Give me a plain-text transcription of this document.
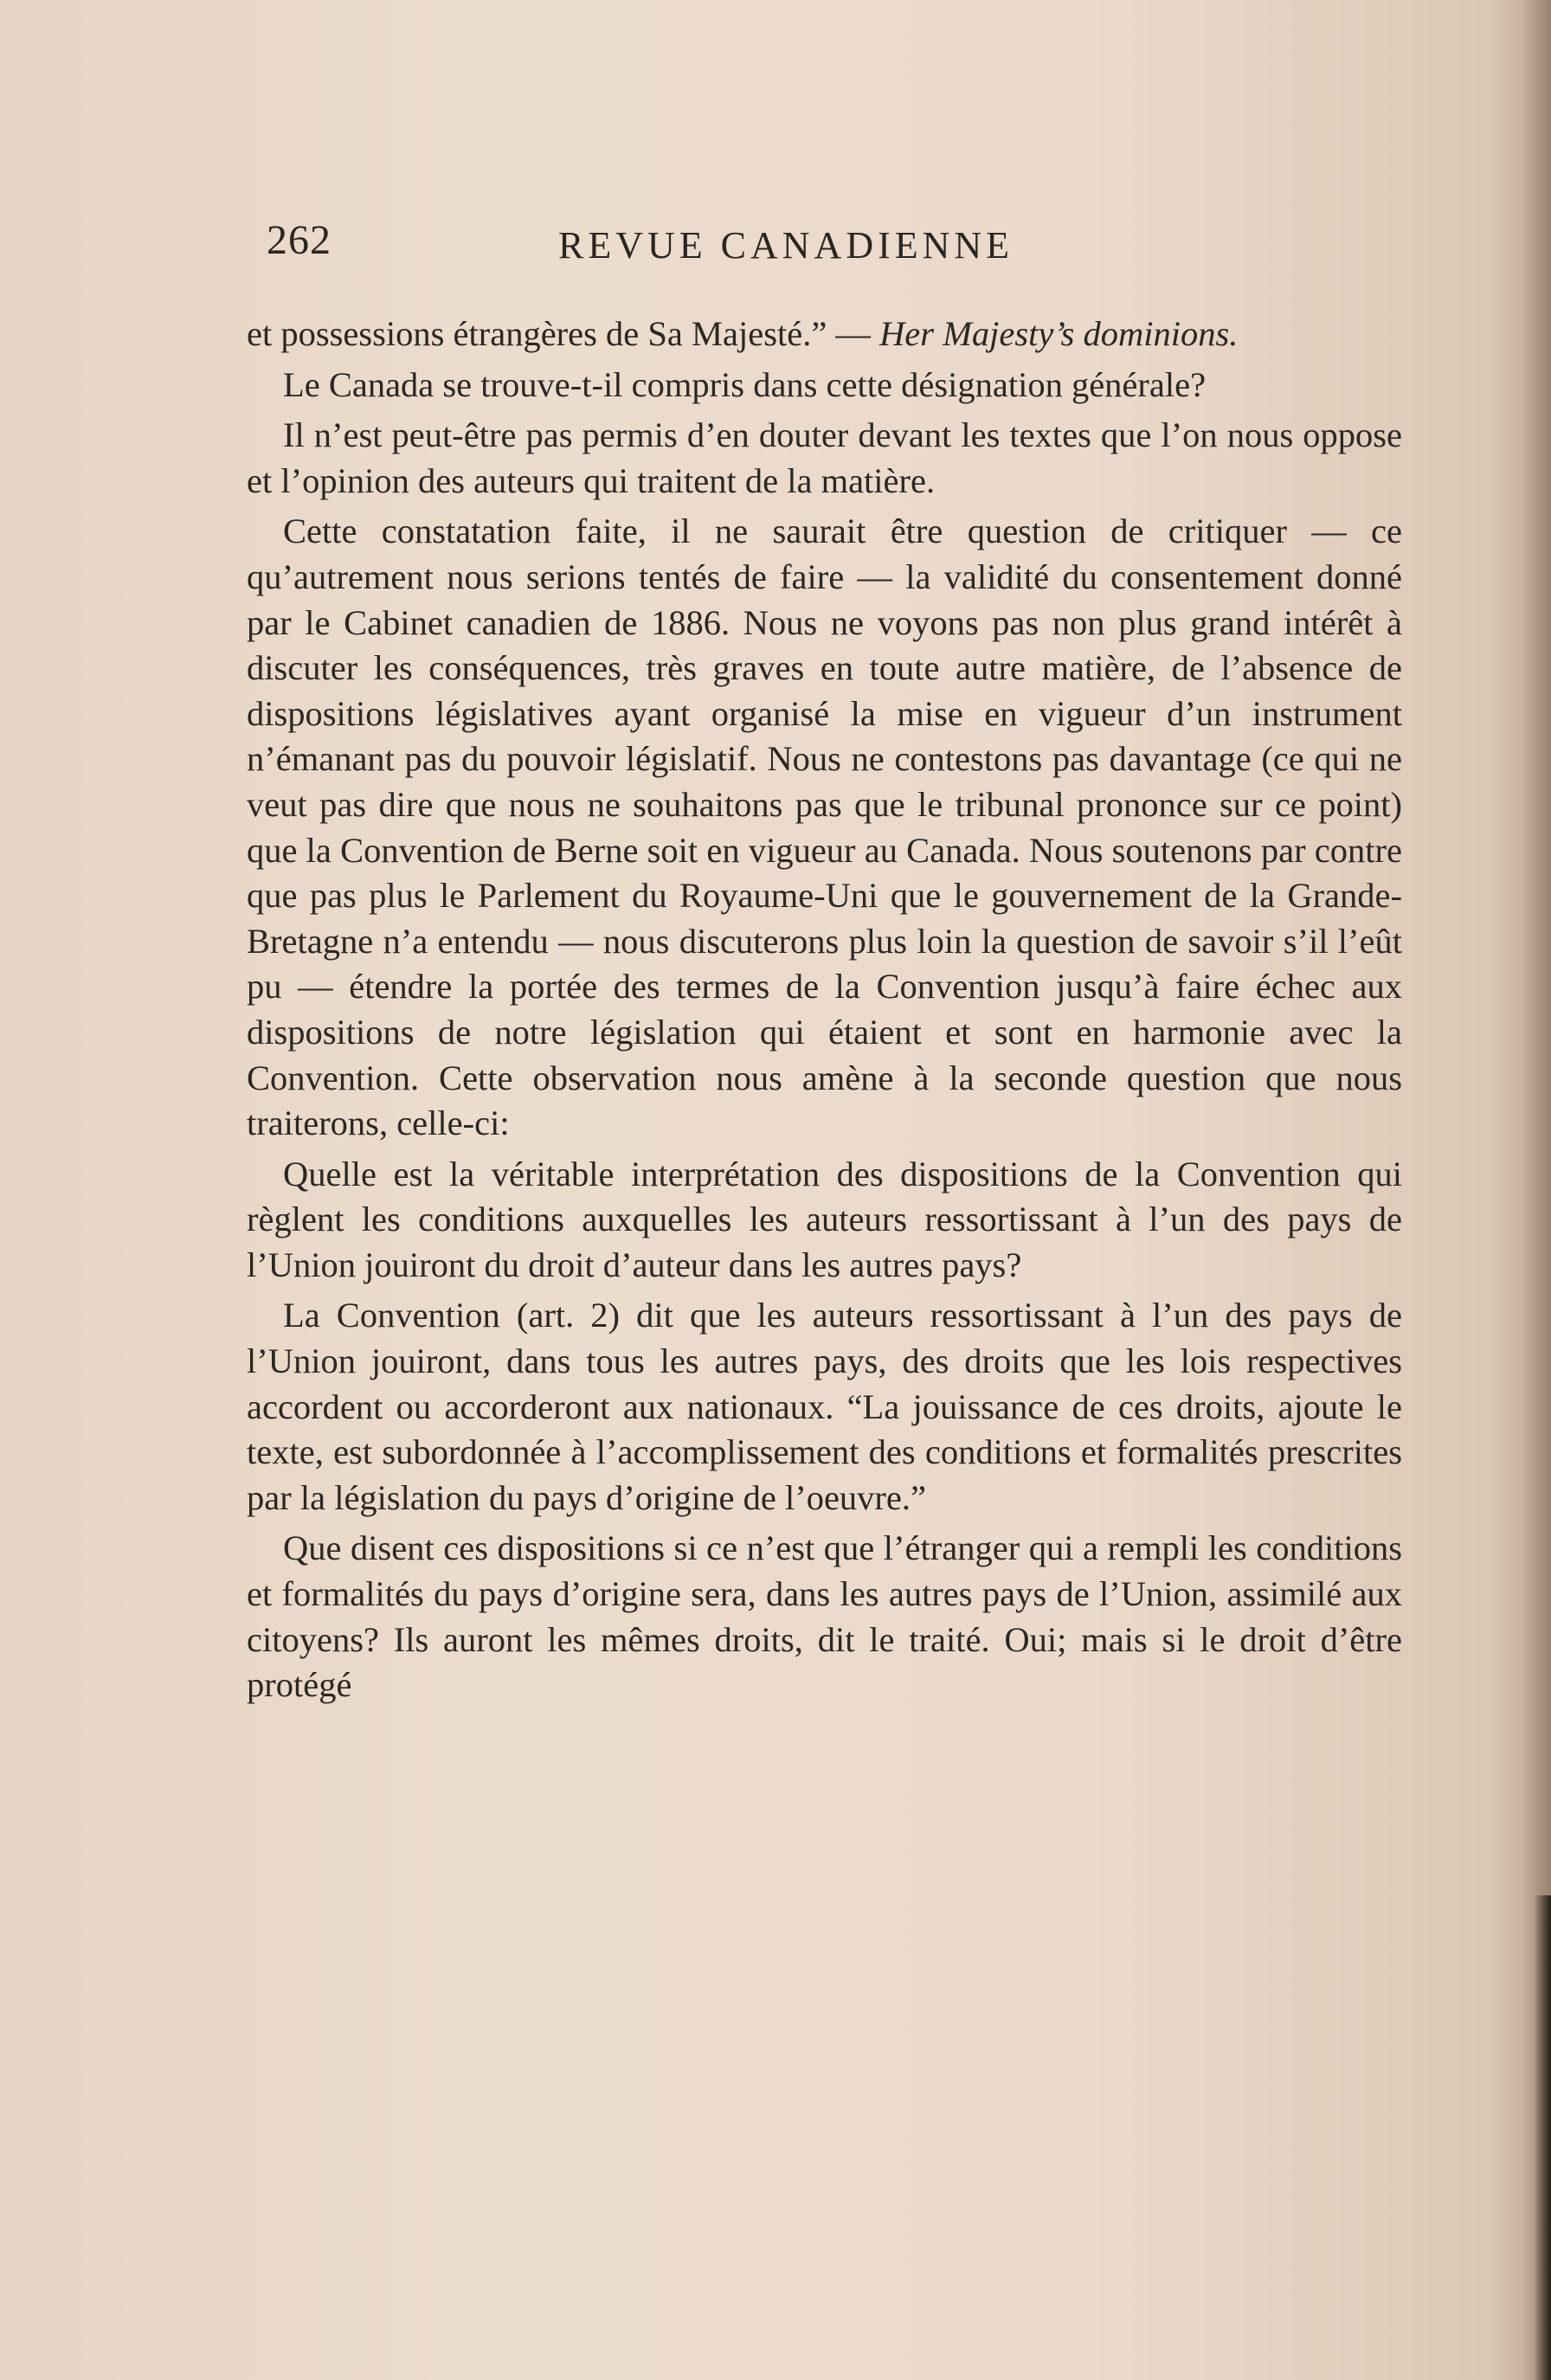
262	REVUE CANADIENNE

et possessions étrangères de Sa Majesté.” — Her Majesty’s dominions.

Le Canada se trouve-t-il compris dans cette désignation générale?

Il n’est peut-être pas permis d’en douter devant les textes que l’on nous oppose et l’opinion des auteurs qui traitent de la matière.

Cette constatation faite, il ne saurait être question de critiquer — ce qu’autrement nous serions tentés de faire — la validité du consentement donné par le Cabinet canadien de 1886. Nous ne voyons pas non plus grand intérêt à discuter les conséquences, très graves en toute autre matière, de l’absence de dispositions législatives ayant organisé la mise en vigueur d’un instrument n’émanant pas du pouvoir législatif. Nous ne contestons pas davantage (ce qui ne veut pas dire que nous ne souhaitons pas que le tribunal prononce sur ce point) que la Convention de Berne soit en vigueur au Canada. Nous soutenons par contre que pas plus le Parlement du Royaume-Uni que le gouvernement de la Grande-Bretagne n’a entendu — nous discuterons plus loin la question de savoir s’il l’eût pu — étendre la portée des termes de la Convention jusqu’à faire échec aux dispositions de notre législation qui étaient et sont en harmonie avec la Convention. Cette observation nous amène à la seconde question que nous traiterons, celle-ci:

Quelle est la véritable interprétation des dispositions de la Convention qui règlent les conditions auxquelles les auteurs ressortissant à l’un des pays de l’Union jouiront du droit d’auteur dans les autres pays?

La Convention (art. 2) dit que les auteurs ressortissant à l’un des pays de l’Union jouiront, dans tous les autres pays, des droits que les lois respectives accordent ou accorderont aux nationaux. “La jouissance de ces droits, ajoute le texte, est subordonnée à l’accomplissement des conditions et formalités prescrites par la législation du pays d’origine de l’oeuvre.”

Que disent ces dispositions si ce n’est que l’étranger qui a rempli les conditions et formalités du pays d’origine sera, dans les autres pays de l’Union, assimilé aux citoyens? Ils auront les mêmes droits, dit le traité. Oui; mais si le droit d’être protégé
